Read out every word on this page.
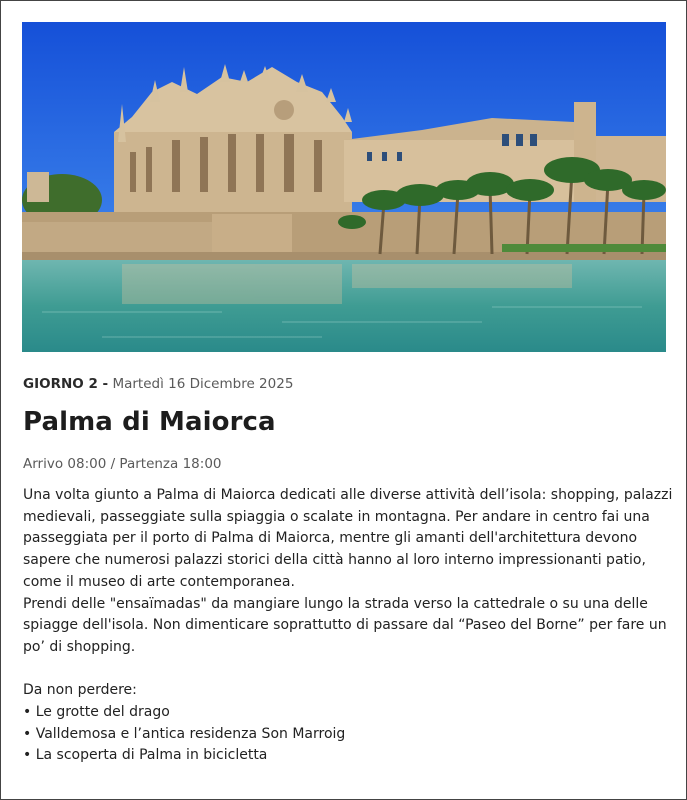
GIORNO 2 - Martedì 16 Dicembre 2025
Palma di Maiorca
Arrivo 08:00 / Partenza 18:00

Una volta giunto a Palma di Maiorca dedicati alle diverse attività dell’isola: shopping, palazzi medievali, passeggiate sulla spiaggia o scalate in montagna. Per andare in centro fai una passeggiata per il porto di Palma di Maiorca, mentre gli amanti dell'architettura devono sapere che numerosi palazzi storici della città hanno al loro interno impressionanti patio, come il museo di arte contemporanea.

Prendi delle "ensaïmadas" da mangiare lungo la strada verso la cattedrale o su una delle spiagge dell'isola. Non dimenticare soprattutto di passare dal “Paseo del Borne” per fare un po’ di shopping.

Da non perdere:

• Le grotte del drago
• Valldemosa e l’antica residenza Son Marroig
• La scoperta di Palma in bicicletta
